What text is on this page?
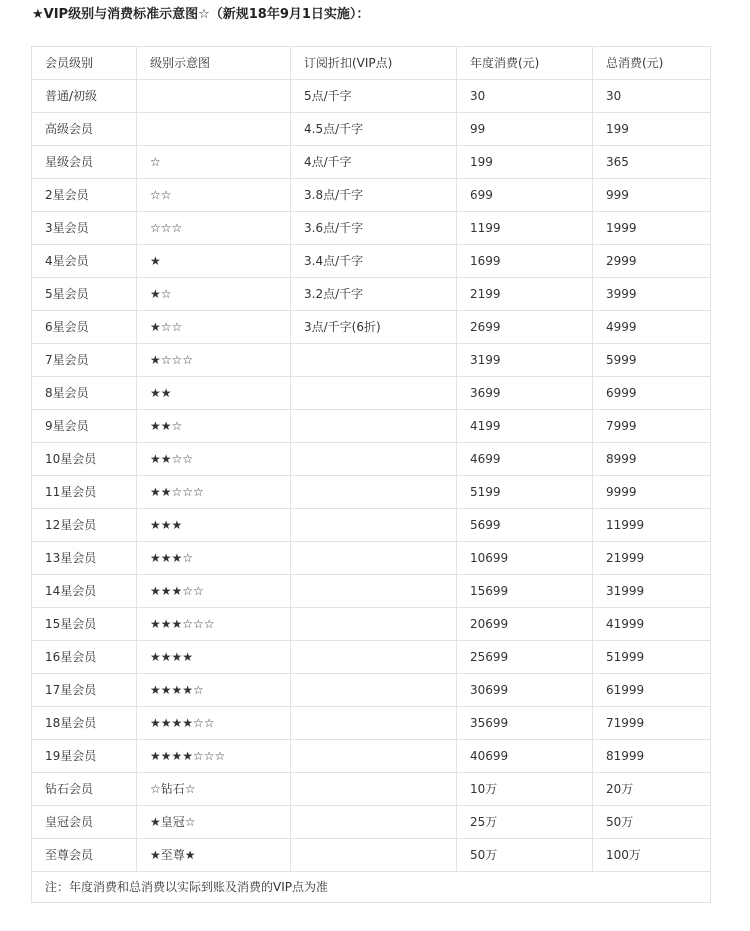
★VIP级别与消费标准示意图☆（新规18年9月1日实施）：
会员级别	级别示意图	订阅折扣(VIP点)	年度消费(元)	总消费(元)
普通/初级		5点/千字	30	30
高级会员		4.5点/千字	99	199
星级会员	☆	4点/千字	199	365
2星会员	☆☆	3.8点/千字	699	999
3星会员	☆☆☆	3.6点/千字	1199	1999
4星会员	★	3.4点/千字	1699	2999
5星会员	★☆	3.2点/千字	2199	3999
6星会员	★☆☆	3点/千字(6折)	2699	4999
7星会员	★☆☆☆		3199	5999
8星会员	★★		3699	6999
9星会员	★★☆		4199	7999
10星会员	★★☆☆		4699	8999
11星会员	★★☆☆☆		5199	9999
12星会员	★★★		5699	11999
13星会员	★★★☆		10699	21999
14星会员	★★★☆☆		15699	31999
15星会员	★★★☆☆☆		20699	41999
16星会员	★★★★		25699	51999
17星会员	★★★★☆		30699	61999
18星会员	★★★★☆☆		35699	71999
19星会员	★★★★☆☆☆		40699	81999
钻石会员	☆钻石☆		10万	20万
皇冠会员	★皇冠☆		25万	50万
至尊会员	★至尊★		50万	100万
注：年度消费和总消费以实际到账及消费的VIP点为准				
